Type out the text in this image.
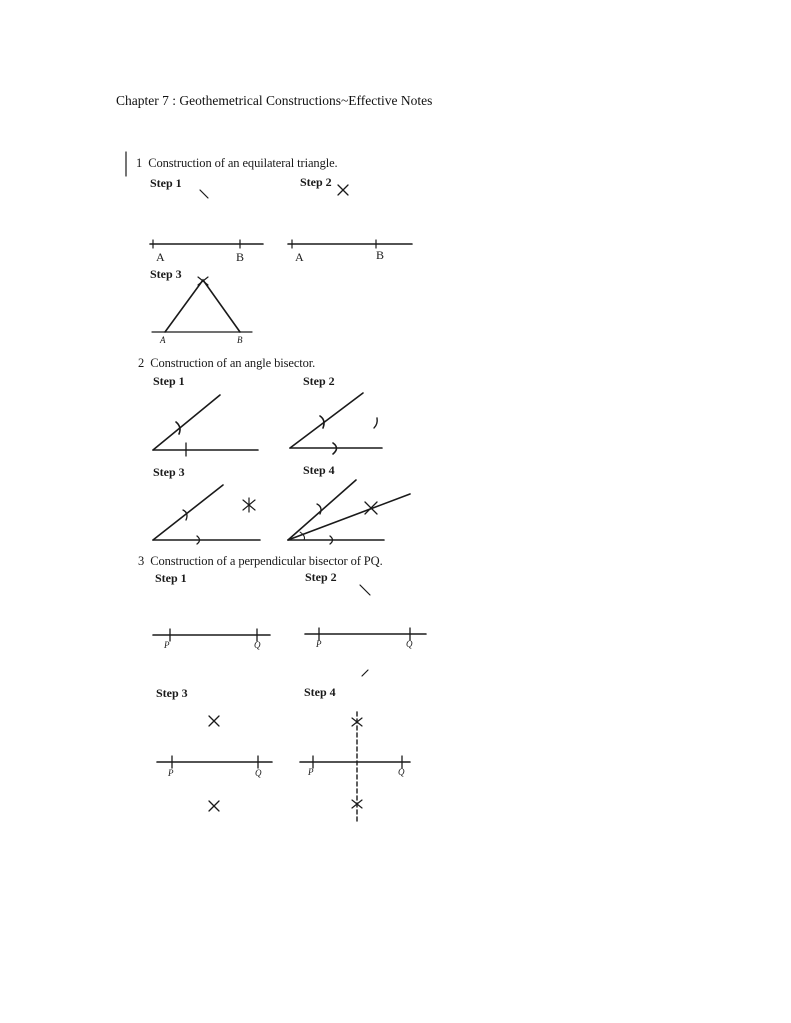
Chapter 7 : Geothemetrical Constructions~Effective Notes
1 Construction of an equilateral triangle.
Step 1	Step 2
A	B	A	B
Step 3
A	B
2 Construction of an angle bisector.
Step 1	Step 2
Step 3	Step 4
3 Construction of a perpendicular bisector of PQ.
Step 1	Step 2
P	Q	P	Q
Step 3	Step 4
P	Q	P	Q
